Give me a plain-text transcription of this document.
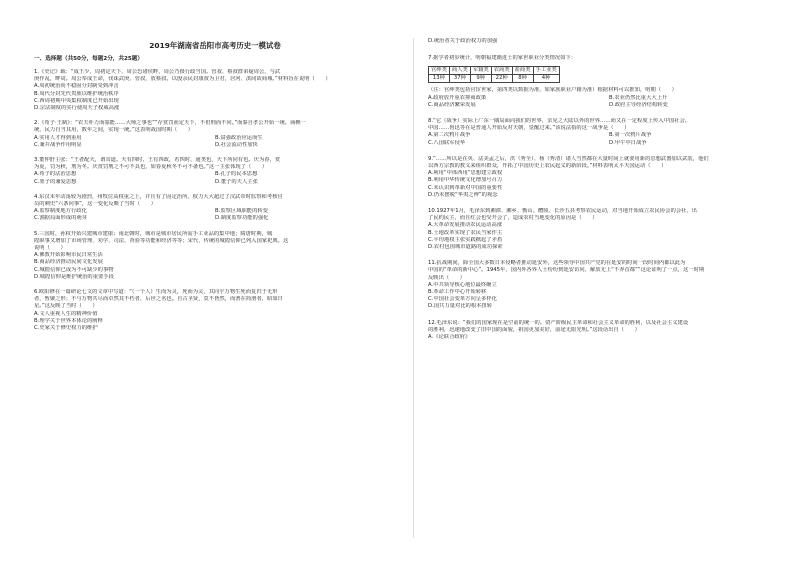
2019年湖南省岳阳市高考历史一模试卷
一、选择题（共50分，每题2分，共25题）
1.《史记》载：“成王少，周初定天下，周公恐诸侯畔，周公乃摄行政当国。管叔、蔡叔群弟疑周公，与武
庚作乱，畔周。周公奉成王命，伐诛武庚、管叔，放蔡叔。以殷余民封康叔为卫君，居河、淇间故商墟。”材料旨在说明（　　）
A.周初统治尚不稳固分封制受到冲击
B.周代分封先代贵族以维护统治秩序
C.西周初期中央集权制度已开始出现
D.宗法制度的实行使周天子权威高涨
2.《荀子·王制》：“农夫朴力而寡能……大师之事也”“存赏罚而定天下，不但刑而不问。”而秦自孝公开始一统。商鞅一
统，民力自当其用，数年之间，实现一统。”这表明战国时期（　　）
A.实用人才得到重用	B.富强政治应运而生
C.兼并战争作用明显	D.社会流动性加快
3.董仲舒主张：“王者配天，谓其道。天有四时，王有四政，若四时，通类也，天下所同有也。庆为春，赏
为夏，罚为秋，刑为冬。庆赏罚刑之不可不具也，如春夏秋冬不可不备也。”这一主张体现了（　　）
A.荀子的法治思想	B.孔子的民本思想
C.墨子的兼爱思想	D.董子的天人主张
4.东汉末年动荡较为剧烈，州牧位高权重之上，并且有了固定治所，权力大大超过了汉武帝时监察和考核官
员的刺史“六条问事”，这一变化反映了当时（　　）
A.监察制度地方行政化	B.监察区域职能的转变
C.割据局面形成的萌芽	D.制度监察功能的强化
5.三国时，孙权开始兴建城市建康；南北朝时，城市是城市居民所需手工业品的集中地；隋唐时期，城
隍职事又增加了市场管理、劝学、司法、查验等功能和经济等等；宋代，传统的城隍信仰已列入国家祀典。这
说明（　　）
A.佛教开始影响市民日常生活
B.商品经济推动民间文化发展
C.城隍信仰已成为不可缺少的事物
D.城隍信仰是维护统治的重要手段
6.欧阳修在一篇研论七文的文章中写道：“（一个人）生而为灵，死而为灵，其同乎万物生死而复归于无形
者，暂聚之形；不与万物共尽而卓然其不朽者，后世之名也。自古圣贤，莫不皆然，而著在简册者，昭如日
星。”这反映了当时（　　）
A.文人重视人生的精神价值
B.理学关于世界本体论的阐释
C.史家关于修史权力的维护
D.统治者关于政治权力的加强
7.据学者初步统计，明朝福建籍进士的家世职业分类情况如下：
官绅类	商人类	军籍类	农商类	盐商类	手工业类
13种	37种	9种	22种	8种	4种
（注：官绅类包括官宦世家，第四类以数据为准，如家族职业户籍为准）根据材料可以推知，明朝（　　）
A.政府放开重农抑商政策	B.农业仍然比重大大上升
C.商品经济繁荣发展	D.政府主导经济结构转变
8.“它（战争）实际上广东一隅局面向我们的世界，亲见之大陆以外的世界……而又在一定程度上传入中国社会。
中国……鲁迅等在是普通人开始反对天朝，觉醒过来。”该说法指的这一战争是（　　）
A.第二次鸦片战争	B.第一次鸦片战争
C.八国联军侵华	D.甲午中日战争
9.“……所以是在英、法美孟之后，洪（秀全）、杨（秀清）诸人当然都在大量时间上就要用新的思想武器加以武装，他们
以西方宗教的教义来组织群众，开拓了中国历史上农民起义的新阶段。”材料表明太平天国运动（　　）
A.利用“中体西用”思想建立政权
B.利用中华传统文化增加号召力
C.未认识到革新对中国的重要性
D.仍未摆脱“华夷之辨”的观念
10.1927年1月，毛泽东到湘潭、湘乡、衡山、醴陵、长沙五县考察农民运动，对当地开始成立农民协会的会社，出
了民约民主，而且红会也受开会了，造成农村当地变化的原因是（　　）
A.大革命发展推动农民运动高涨
B.土地改革实现了农民当家作主
C.平均地权主张实践掀起了矛盾
D.农村包围城市道路的成功探索
11.抗战期间，除全国大多数日本侵略者推动延安外，这些领导中国共产党的在延安的时间一段时间内都以此为
中国的“革命的新中心”。1945年，国内外各界人士纷纷到延安访问，解放无上“不养首都”“这论证明了一点，这一时期
反映出（　　）
A.中共领导核心地位最终确立
B.革命工作中心开始转移
C.中国社会变革方向呈多样化
D.国共力量对比的根本扭转
12.毛泽东说：“我们的国家现在是空前的统一的。资产阶级民主革命和社会主义革命的胜利，以及社会主义建设
的胜利，迅速地改变了旧中国的面貌，祖国更加美好，前途无限光明。”这段话出自（　　）
A.《论联合政府》
